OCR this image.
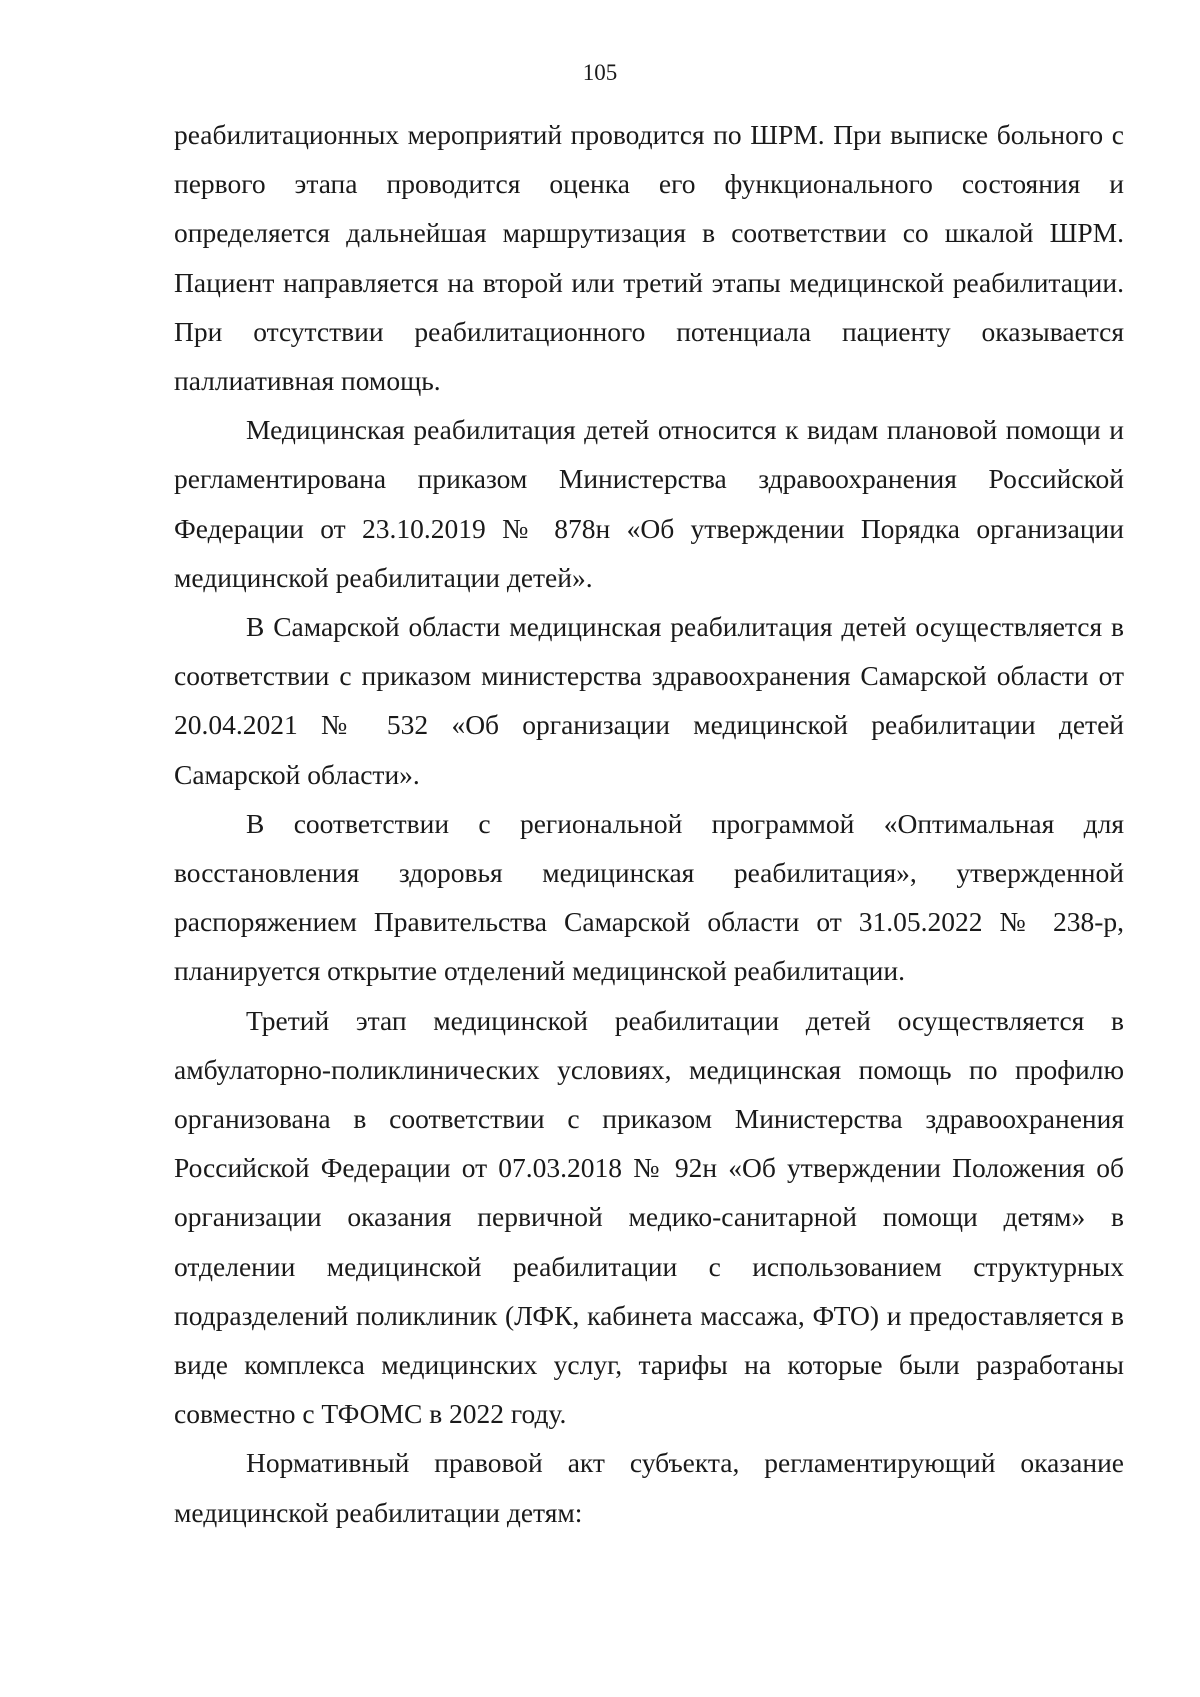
105

реабилитационных мероприятий проводится по ШРМ. При выписке больного с первого этапа проводится оценка его функционального состояния и определяется дальнейшая маршрутизация в соответствии со шкалой ШРМ. Пациент направляется на второй или третий этапы медицинской реабилитации. При отсутствии реабилитационного потенциала пациенту оказывается паллиативная помощь.

Медицинская реабилитация детей относится к видам плановой помощи и регламентирована приказом Министерства здравоохранения Российской Федерации от 23.10.2019 № 878н «Об утверждении Порядка организации медицинской реабилитации детей».

В Самарской области медицинская реабилитация детей осуществляется в соответствии с приказом министерства здравоохранения Самарской области от 20.04.2021 № 532 «Об организации медицинской реабилитации детей Самарской области».

В соответствии с региональной программой «Оптимальная для восстановления здоровья медицинская реабилитация», утвержденной распоряжением Правительства Самарской области от 31.05.2022 № 238-р, планируется открытие отделений медицинской реабилитации.

Третий этап медицинской реабилитации детей осуществляется в амбулаторно-поликлинических условиях, медицинская помощь по профилю организована в соответствии с приказом Министерства здравоохранения Российской Федерации от 07.03.2018 № 92н «Об утверждении Положения об организации оказания первичной медико-санитарной помощи детям» в отделении медицинской реабилитации с использованием структурных подразделений поликлиник (ЛФК, кабинета массажа, ФТО) и предоставляется в виде комплекса медицинских услуг, тарифы на которые были разработаны совместно с ТФОМС в 2022 году.

Нормативный правовой акт субъекта, регламентирующий оказание медицинской реабилитации детям:
